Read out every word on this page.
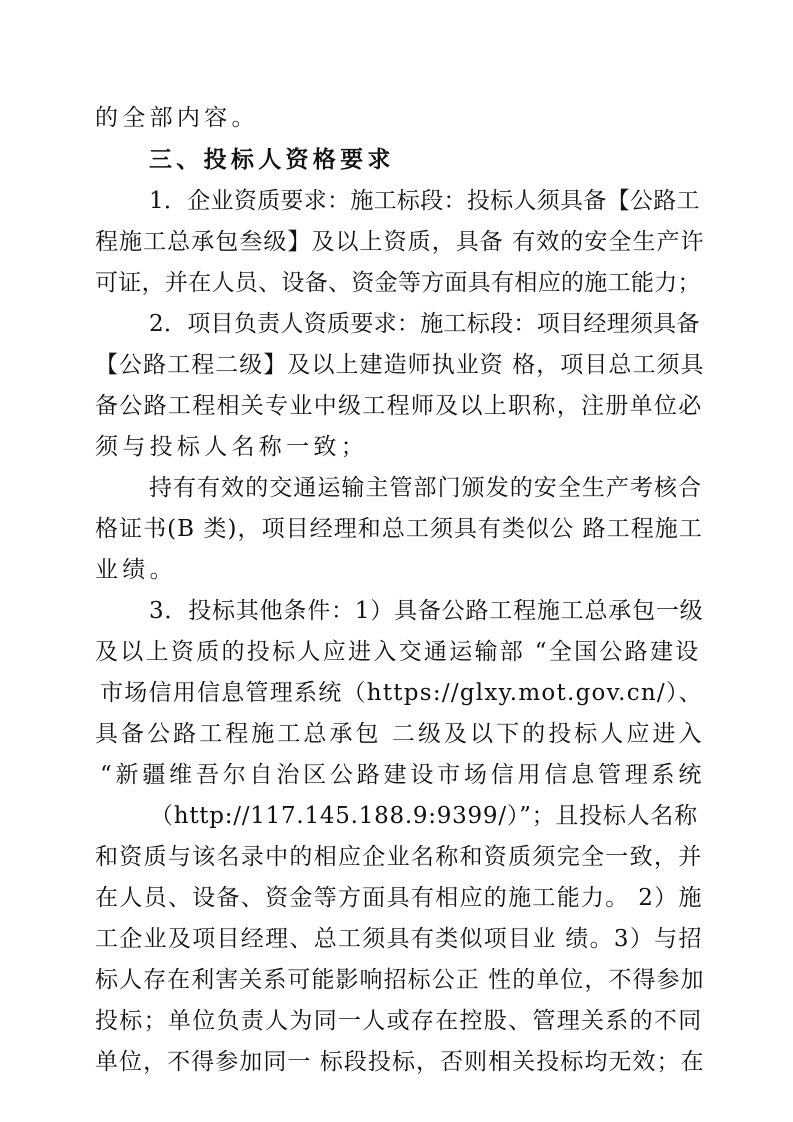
的全部内容。

三、投标人资格要求

1．企业资质要求：施工标段：投标人须具备【公路工

程施工总承包叁级】及以上资质，具备 有效的安全生产许

可证，并在人员、设备、资金等方面具有相应的施工能力；

2．项目负责人资质要求：施工标段：项目经理须具备

【公路工程二级】及以上建造师执业资 格，项目总工须具

备公路工程相关专业中级工程师及以上职称，注册单位必

须与投标人名称一致；

持有有效的交通运输主管部门颁发的安全生产考核合

格证书(B 类)，项目经理和总工须具有类似公 路工程施工

业绩。

3．投标其他条件：1）具备公路工程施工总承包一级

及以上资质的投标人应进入交通运输部 “全国公路建设

市场信用信息管理系统（https://glxy.mot.gov.cn/）、

具备公路工程施工总承包 二级及以下的投标人应进入

“新疆维吾尔自治区公路建设市场信用信息管理系统

（http://117.145.188.9:9399/）”；且投标人名称

和资质与该名录中的相应企业名称和资质须完全一致，并

在人员、设备、资金等方面具有相应的施工能力。 2）施

工企业及项目经理、总工须具有类似项目业 绩。3）与招

标人存在利害关系可能影响招标公正 性的单位，不得参加

投标；单位负责人为同一人或存在控股、管理关系的不同

单位，不得参加同一 标段投标，否则相关投标均无效；在
